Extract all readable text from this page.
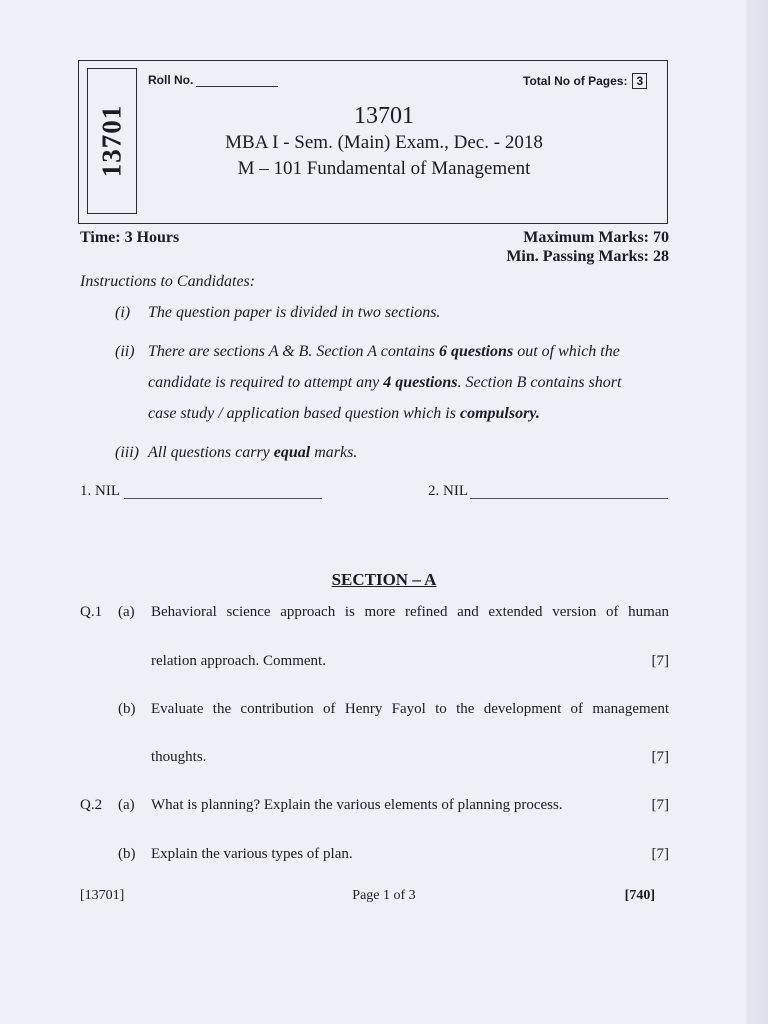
13701
Roll No.	Total No of Pages: 3
13701
MBA I - Sem. (Main) Exam., Dec. - 2018
M – 101 Fundamental of Management
Time: 3 Hours	Maximum Marks: 70
Min. Passing Marks: 28
Instructions to Candidates:
(i) The question paper is divided in two sections.
(ii) There are sections A & B. Section A contains 6 questions out of which the
candidate is required to attempt any 4 questions. Section B contains short
case study / application based question which is compulsory.
(iii) All questions carry equal marks.
1. NIL	2. NIL
SECTION – A
Q.1 (a) Behavioral science approach is more refined and extended version of human
relation approach. Comment.	[7]
(b) Evaluate the contribution of Henry Fayol to the development of management
thoughts.	[7]
Q.2 (a) What is planning? Explain the various elements of planning process.	[7]
(b) Explain the various types of plan.	[7]
[13701]	Page 1 of 3	[740]
